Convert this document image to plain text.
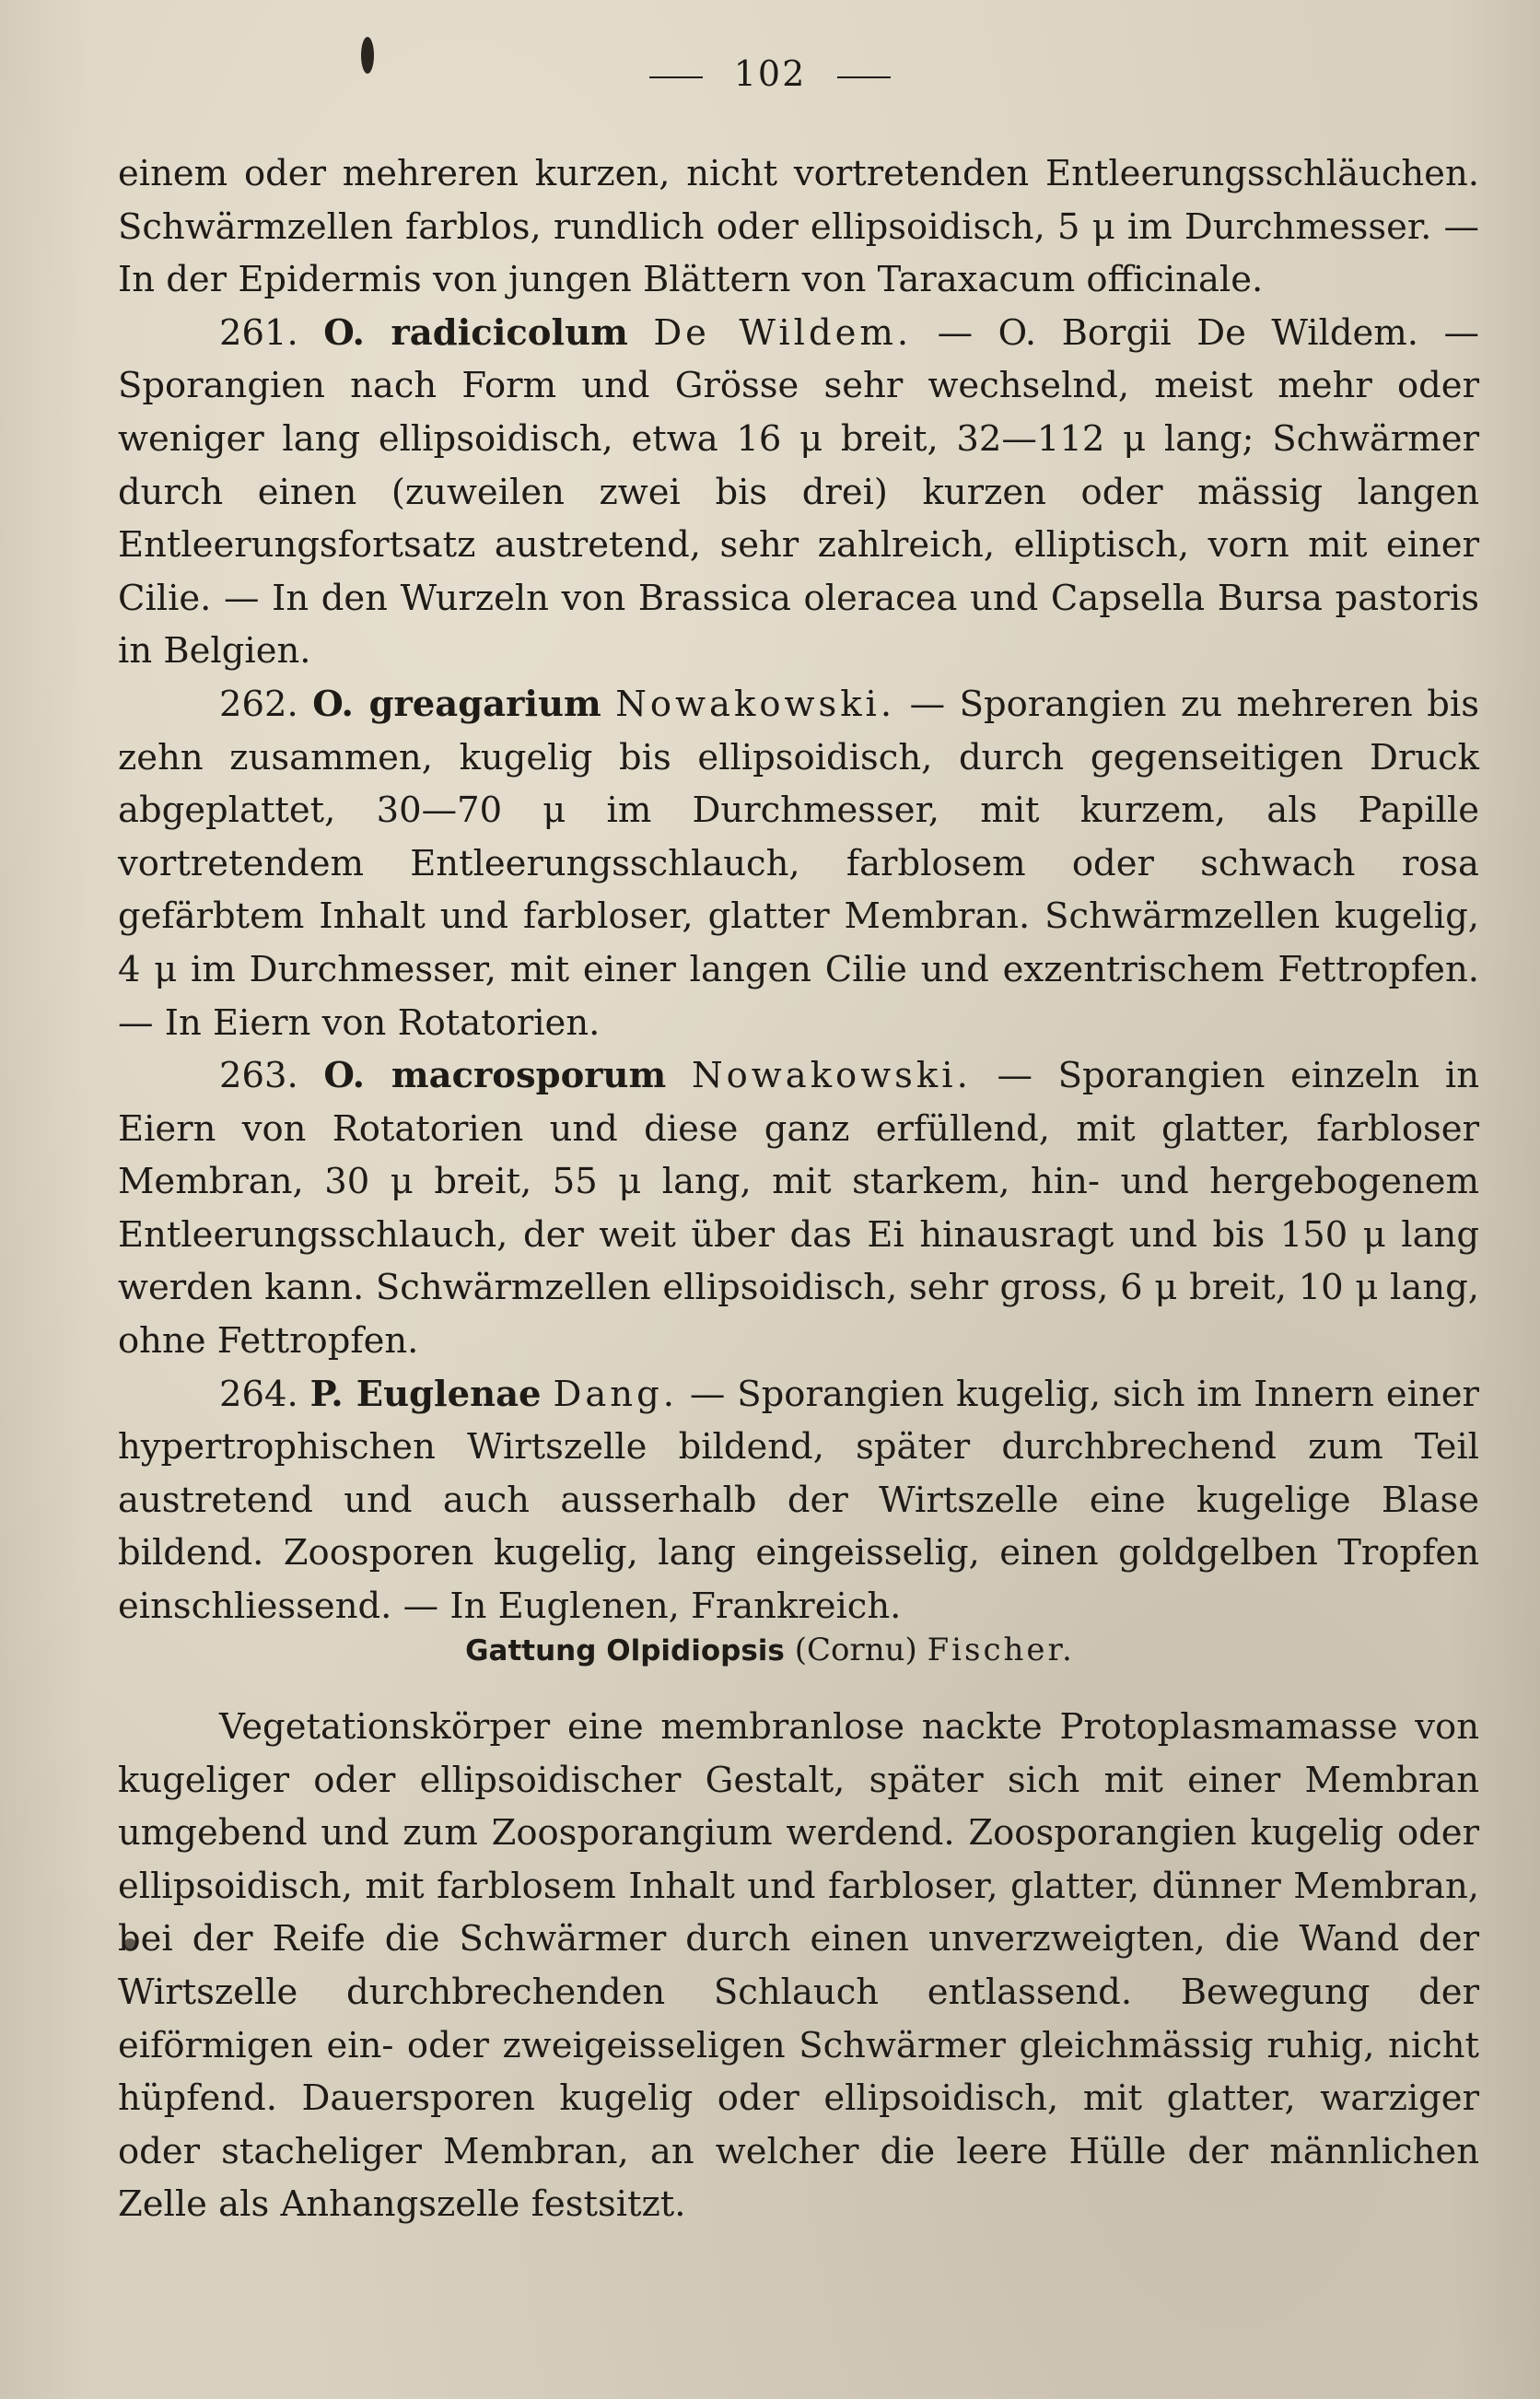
102

einem oder mehreren kurzen, nicht vortretenden Entleerungsschläuchen. Schwärmzellen farblos, rundlich oder ellipsoidisch, 5 μ im Durchmesser. — In der Epidermis von jungen Blättern von Taraxacum officinale.

261. O. radicicolum De Wildem. — O. Borgii De Wildem. — Sporangien nach Form und Grösse sehr wechselnd, meist mehr oder weniger lang ellipsoidisch, etwa 16 μ breit, 32—112 μ lang; Schwärmer durch einen (zuweilen zwei bis drei) kurzen oder mässig langen Entleerungsfortsatz austretend, sehr zahlreich, elliptisch, vorn mit einer Cilie. — In den Wurzeln von Brassica oleracea und Capsella Bursa pastoris in Belgien.

262. O. greagarium Nowakowski. — Sporangien zu mehreren bis zehn zusammen, kugelig bis ellipsoidisch, durch gegenseitigen Druck abgeplattet, 30—70 μ im Durchmesser, mit kurzem, als Papille vortretendem Entleerungsschlauch, farblosem oder schwach rosa gefärbtem Inhalt und farbloser, glatter Membran. Schwärmzellen kugelig, 4 μ im Durchmesser, mit einer langen Cilie und exzentrischem Fettropfen. — In Eiern von Rotatorien.

263. O. macrosporum Nowakowski. — Sporangien einzeln in Eiern von Rotatorien und diese ganz erfüllend, mit glatter, farbloser Membran, 30 μ breit, 55 μ lang, mit starkem, hin- und hergebogenem Entleerungsschlauch, der weit über das Ei hinausragt und bis 150 μ lang werden kann. Schwärmzellen ellipsoidisch, sehr gross, 6 μ breit, 10 μ lang, ohne Fettropfen.

264. P. Euglenae Dang. — Sporangien kugelig, sich im Innern einer hypertrophischen Wirtszelle bildend, später durchbrechend zum Teil austretend und auch ausserhalb der Wirtszelle eine kugelige Blase bildend. Zoosporen kugelig, lang eingeisselig, einen goldgelben Tropfen einschliessend. — In Euglenen, Frankreich.

Gattung Olpidiopsis (Cornu) Fischer.

Vegetationskörper eine membranlose nackte Protoplasmamasse von kugeliger oder ellipsoidischer Gestalt, später sich mit einer Membran umgebend und zum Zoosporangium werdend. Zoosporangien kugelig oder ellipsoidisch, mit farblosem Inhalt und farbloser, glatter, dünner Membran, bei der Reife die Schwärmer durch einen unverzweigten, die Wand der Wirtszelle durchbrechenden Schlauch entlassend. Bewegung der eiförmigen ein- oder zweigeisseligen Schwärmer gleichmässig ruhig, nicht hüpfend. Dauersporen kugelig oder ellipsoidisch, mit glatter, warziger oder stacheliger Membran, an welcher die leere Hülle der männlichen Zelle als Anhangszelle festsitzt.
